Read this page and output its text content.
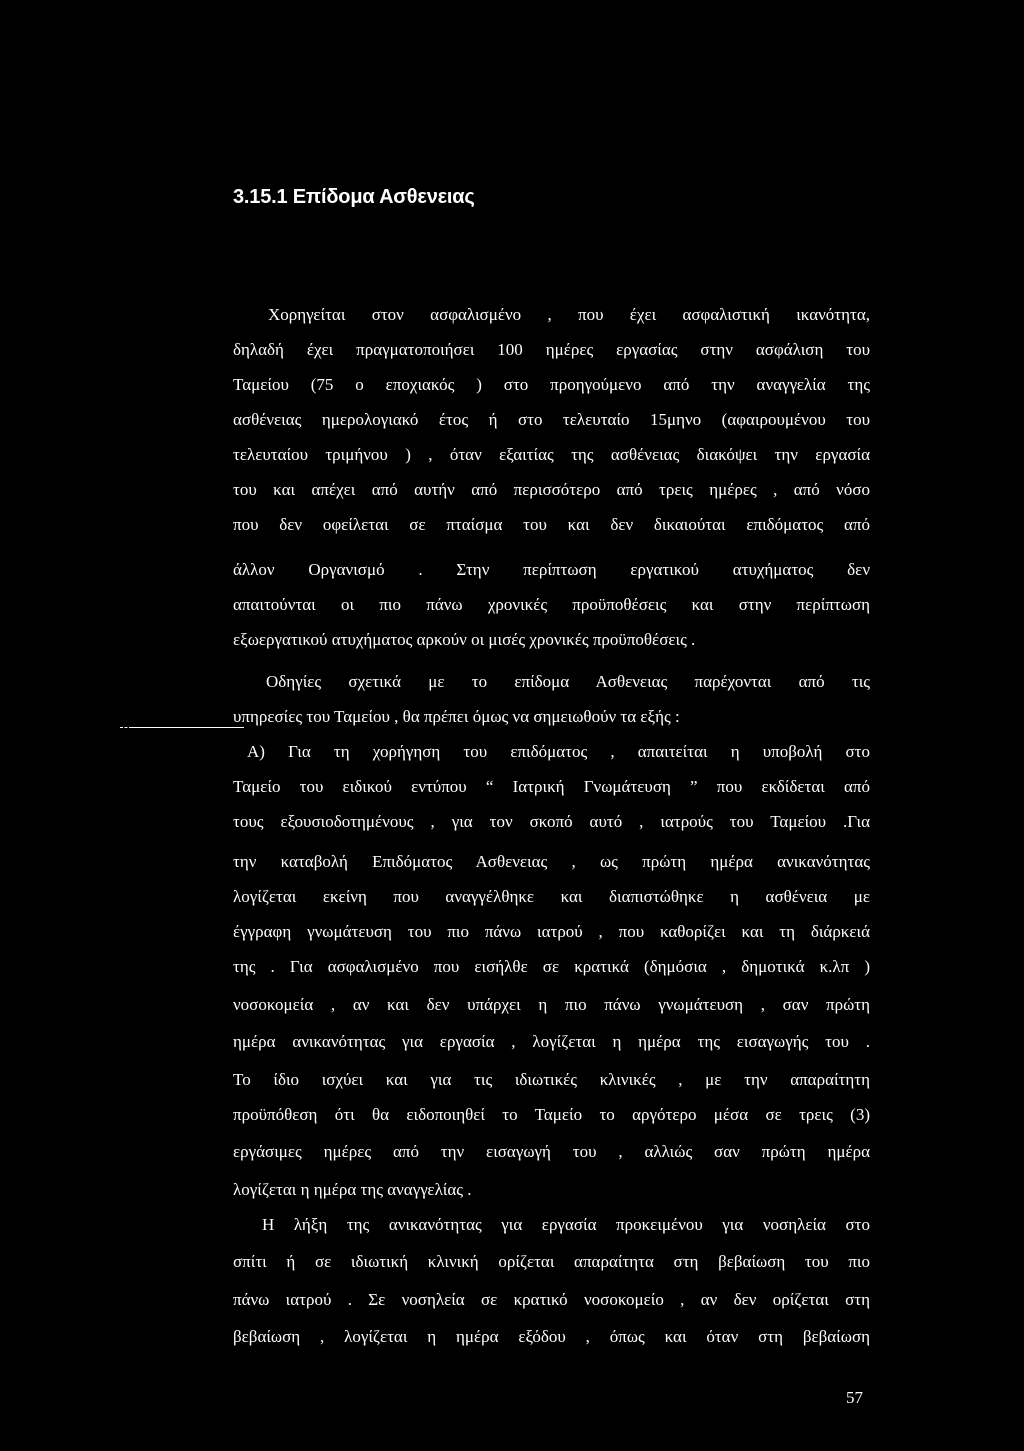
3.15.1 Επίδομα Ασθενειας
Χορηγείται στον ασφαλισμένο , που έχει ασφαλιστική ικανότητα,
δηλαδή έχει πραγματοποιήσει 100 ημέρες εργασίας στην ασφάλιση του
Ταμείου (75 ο εποχιακός ) στο προηγούμενο από την αναγγελία της
ασθένειας ημερολογιακό έτος ή στο τελευταίο 15μηνο (αφαιρουμένου του
τελευταίου τριμήνου ) , όταν εξαιτίας της ασθένειας διακόψει την εργασία
του και απέχει από αυτήν από περισσότερο από τρεις ημέρες , από νόσο
που δεν οφείλεται σε πταίσμα του και δεν δικαιούται επιδόματος από
άλλον Οργανισμό . Στην περίπτωση εργατικού ατυχήματος δεν
απαιτούνται οι πιο πάνω χρονικές προϋποθέσεις και στην περίπτωση
εξωεργατικού ατυχήματος αρκούν οι μισές χρονικές προϋποθέσεις .
Οδηγίες σχετικά με το επίδομα Ασθενειας παρέχονται από τις
υπηρεσίες του Ταμείου , θα πρέπει όμως να σημειωθούν τα εξής :
Α) Για τη χορήγηση του επιδόματος , απαιτείται η υποβολή στο
Ταμείο του ειδικού εντύπου “ Ιατρική Γνωμάτευση ” που εκδίδεται από
τους εξουσιοδοτημένους , για τον σκοπό αυτό , ιατρούς του Ταμείου .Για
την καταβολή Επιδόματος Ασθενειας , ως πρώτη ημέρα ανικανότητας
λογίζεται εκείνη που αναγγέλθηκε και διαπιστώθηκε η ασθένεια με
έγγραφη γνωμάτευση του πιο πάνω ιατρού , που καθορίζει και τη διάρκειά
της . Για ασφαλισμένο που εισήλθε σε κρατικά (δημόσια , δημοτικά κ.λπ )
νοσοκομεία , αν και δεν υπάρχει η πιο πάνω γνωμάτευση , σαν πρώτη
ημέρα ανικανότητας για εργασία , λογίζεται η ημέρα της εισαγωγής του .
Το ίδιο ισχύει και για τις ιδιωτικές κλινικές , με την απαραίτητη
προϋπόθεση ότι θα ειδοποιηθεί το Ταμείο το αργότερο μέσα σε τρεις (3)
εργάσιμες ημέρες από την εισαγωγή του , αλλιώς σαν πρώτη ημέρα
λογίζεται η ημέρα της αναγγελίας .
Η λήξη της ανικανότητας για εργασία προκειμένου για νοσηλεία στο
σπίτι ή σε ιδιωτική κλινική ορίζεται απαραίτητα στη βεβαίωση του πιο
πάνω ιατρού . Σε νοσηλεία σε κρατικό νοσοκομείο , αν δεν ορίζεται στη
βεβαίωση , λογίζεται η ημέρα εξόδου , όπως και όταν στη βεβαίωση
57
